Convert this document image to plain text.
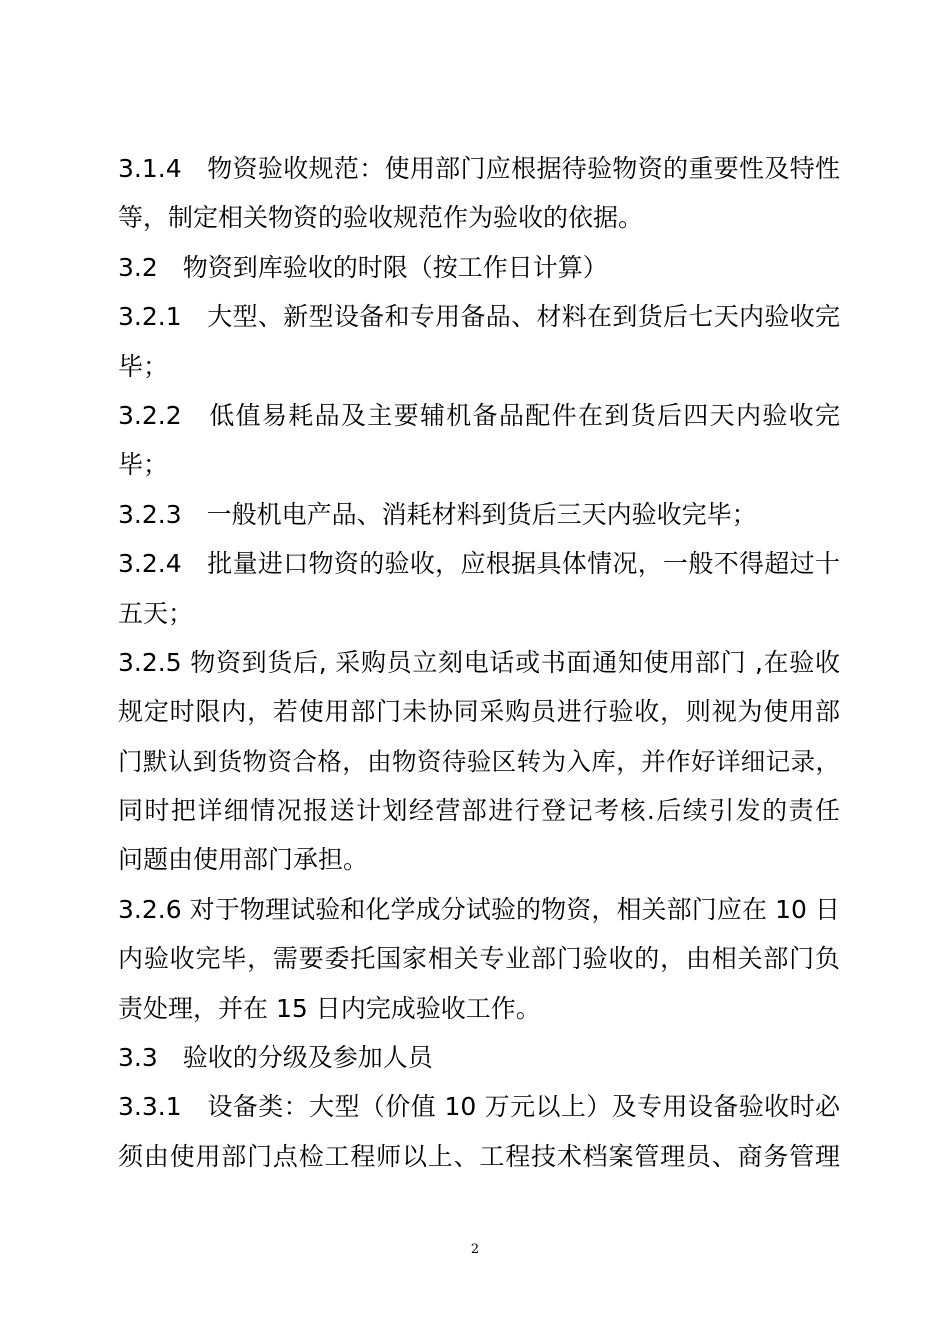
3.1.4　物资验收规范：使用部门应根据待验物资的重要性及特性
等，制定相关物资的验收规范作为验收的依据。
3.2　物资到库验收的时限（按工作日计算）
3.2.1　大型、新型设备和专用备品、材料在到货后七天内验收完
毕；
3.2.2　低值易耗品及主要辅机备品配件在到货后四天内验收完
毕；
3.2.3　一般机电产品、消耗材料到货后三天内验收完毕；
3.2.4　批量进口物资的验收，应根据具体情况，一般不得超过十
五天；
3.2.5 物资到货后, 采购员立刻电话或书面通知使用部门 ,在验收
规定时限内，若使用部门未协同采购员进行验收，则视为使用部
门默认到货物资合格，由物资待验区转为入库，并作好详细记录，
同时把详细情况报送计划经营部进行登记考核.后续引发的责任
问题由使用部门承担。
3.2.6 对于物理试验和化学成分试验的物资，相关部门应在 10 日
内验收完毕，需要委托国家相关专业部门验收的，由相关部门负
责处理，并在 15 日内完成验收工作。
3.3　验收的分级及参加人员
3.3.1　设备类：大型（价值 10 万元以上）及专用设备验收时必
须由使用部门点检工程师以上、工程技术档案管理员、商务管理
2
